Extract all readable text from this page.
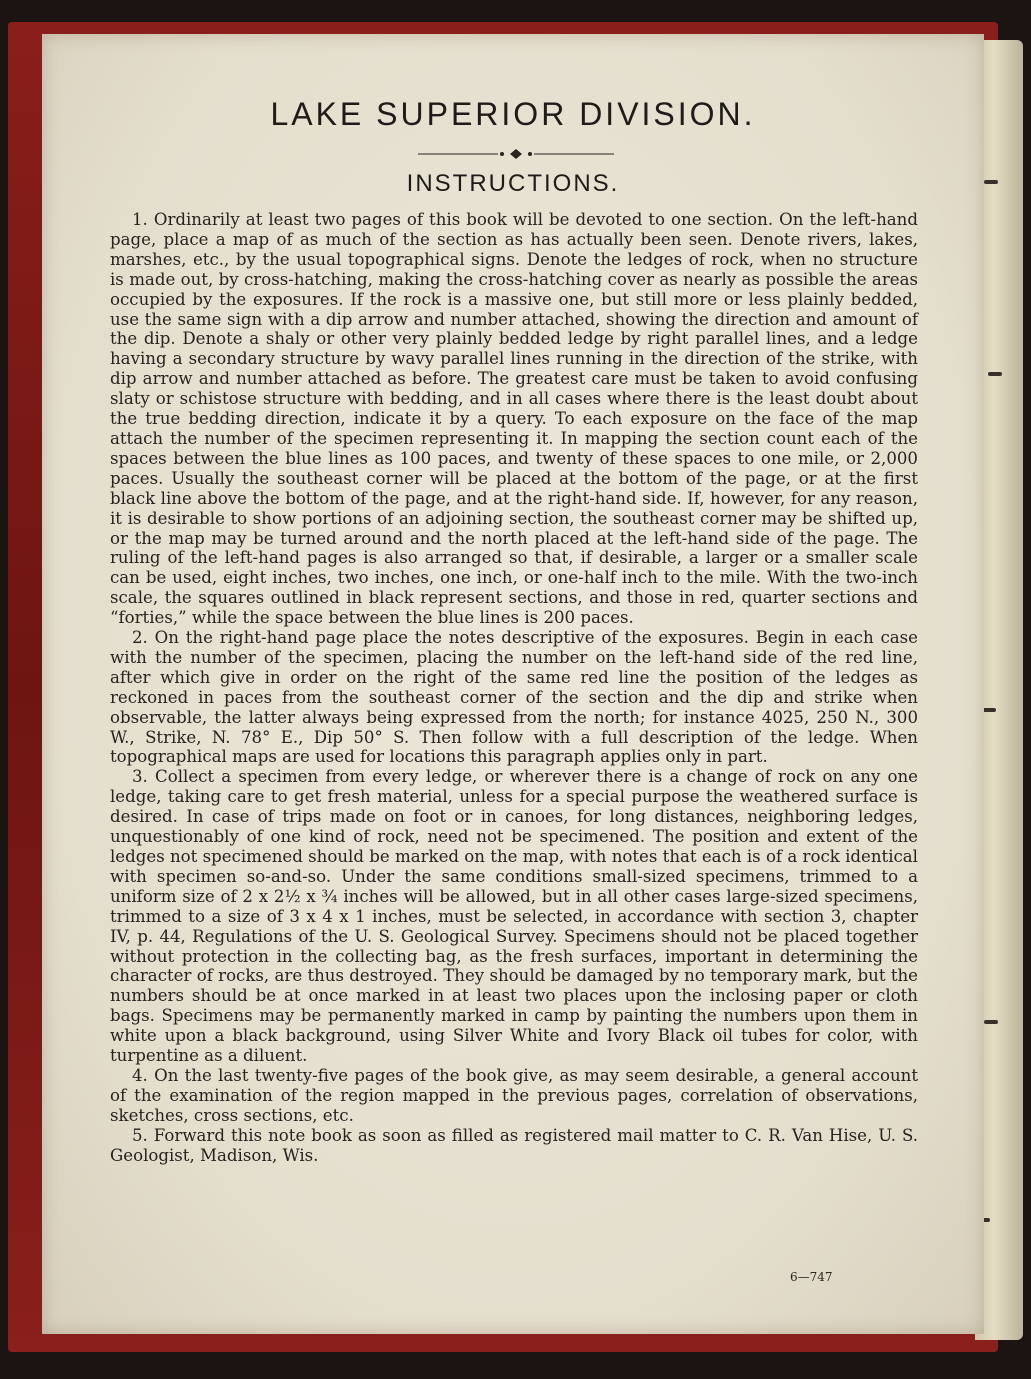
LAKE SUPERIOR DIVISION.
INSTRUCTIONS.

1. Ordinarily at least two pages of this book will be devoted to one section. On the left-hand page, place a map of as much of the section as has actually been seen. Denote rivers, lakes, marshes, etc., by the usual topographical signs. Denote the ledges of rock, when no structure is made out, by cross-hatching, making the cross-hatching cover as nearly as possible the areas occupied by the exposures. If the rock is a massive one, but still more or less plainly bedded, use the same sign with a dip arrow and number attached, showing the direction and amount of the dip. Denote a shaly or other very plainly bedded ledge by right parallel lines, and a ledge having a secondary structure by wavy parallel lines running in the direction of the strike, with dip arrow and number attached as before. The greatest care must be taken to avoid confusing slaty or schistose structure with bedding, and in all cases where there is the least doubt about the true bedding direction, indicate it by a query. To each exposure on the face of the map attach the number of the specimen representing it. In mapping the section count each of the spaces between the blue lines as 100 paces, and twenty of these spaces to one mile, or 2,000 paces. Usually the southeast corner will be placed at the bottom of the page, or at the first black line above the bottom of the page, and at the right-hand side. If, however, for any reason, it is desirable to show portions of an adjoining section, the southeast corner may be shifted up, or the map may be turned around and the north placed at the left-hand side of the page. The ruling of the left-hand pages is also arranged so that, if desirable, a larger or a smaller scale can be used, eight inches, two inches, one inch, or one-half inch to the mile. With the two-inch scale, the squares outlined in black represent sections, and those in red, quarter sections and “forties,” while the space between the blue lines is 200 paces.

2. On the right-hand page place the notes descriptive of the exposures. Begin in each case with the number of the specimen, placing the number on the left-hand side of the red line, after which give in order on the right of the same red line the position of the ledges as reckoned in paces from the southeast corner of the section and the dip and strike when observable, the latter always being expressed from the north; for instance 4025, 250 N., 300 W., Strike, N. 78° E., Dip 50° S. Then follow with a full description of the ledge. When topographical maps are used for locations this paragraph applies only in part.

3. Collect a specimen from every ledge, or wherever there is a change of rock on any one ledge, taking care to get fresh material, unless for a special purpose the weathered surface is desired. In case of trips made on foot or in canoes, for long distances, neighboring ledges, unquestionably of one kind of rock, need not be specimened. The position and extent of the ledges not specimened should be marked on the map, with notes that each is of a rock identical with specimen so-and-so. Under the same conditions small-sized specimens, trimmed to a uniform size of 2 x 2½ x ¾ inches will be allowed, but in all other cases large-sized specimens, trimmed to a size of 3 x 4 x 1 inches, must be selected, in accordance with section 3, chapter IV, p. 44, Regulations of the U. S. Geological Survey. Specimens should not be placed together without protection in the collecting bag, as the fresh surfaces, important in determining the character of rocks, are thus destroyed. They should be damaged by no temporary mark, but the numbers should be at once marked in at least two places upon the inclosing paper or cloth bags. Specimens may be permanently marked in camp by painting the numbers upon them in white upon a black background, using Silver White and Ivory Black oil tubes for color, with turpentine as a diluent.

4. On the last twenty-five pages of the book give, as may seem desirable, a general account of the examination of the region mapped in the previous pages, correlation of observations, sketches, cross sections, etc.

5. Forward this note book as soon as filled as registered mail matter to C. R. Van Hise, U. S. Geologist, Madison, Wis.

6—747
